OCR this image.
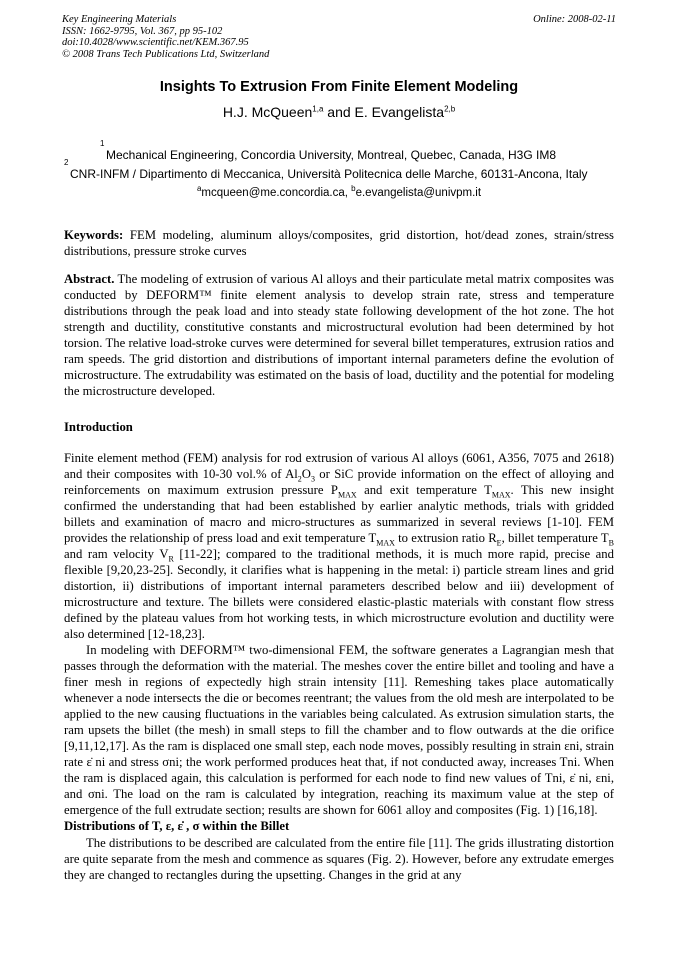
Key Engineering Materials
ISSN: 1662-9795, Vol. 367, pp 95-102
doi:10.4028/www.scientific.net/KEM.367.95
© 2008 Trans Tech Publications Ltd, Switzerland
Online: 2008-02-11
Insights To Extrusion From Finite Element Modeling
H.J. McQueen$^{1,a}$ and E. Evangelista$^{2,b}$
1
Mechanical Engineering, Concordia University, Montreal, Quebec, Canada, H3G IM8
2
CNR-INFM / Dipartimento di Meccanica, Università Politecnica delle Marche, 60131-Ancona, Italy
$^a$mcqueen@me.concordia.ca, $^b$e.evangelista@univpm.it

Keywords: FEM modeling, aluminum alloys/composites, grid distortion, hot/dead zones, strain/stress distributions, pressure stroke curves

Abstract. The modeling of extrusion of various Al alloys and their particulate metal matrix composites was conducted by DEFORM™ finite element analysis to develop strain rate, stress and temperature distributions through the peak load and into steady state following development of the hot zone. The hot strength and ductility, constitutive constants and microstructural evolution had been determined by hot torsion. The relative load-stroke curves were determined for several billet temperatures, extrusion ratios and ram speeds. The grid distortion and distributions of important internal parameters define the evolution of microstructure. The extrudability was estimated on the basis of load, ductility and the potential for modeling the microstructure developed.

Introduction

Finite element method (FEM) analysis for rod extrusion of various Al alloys (6061, A356, 7075 and 2618) and their composites with 10-30 vol.% of $Al_2O_3$ or SiC provide information on the effect of alloying and reinforcements on maximum extrusion pressure $P_{MAX}$ and exit temperature $T_{MAX}$. This new insight confirmed the understanding that had been established by earlier analytic methods, trials with gridded billets and examination of macro and micro-structures as summarized in several reviews [1-10]. FEM provides the relationship of press load and exit temperature $T_{MAX}$ to extrusion ratio $R_E$, billet temperature $T_B$ and ram velocity $V_R$ [11-22]; compared to the traditional methods, it is much more rapid, precise and flexible [9,20,23-25]. Secondly, it clarifies what is happening in the metal: i) particle stream lines and grid distortion, ii) distributions of important internal parameters described below and iii) development of microstructure and texture. The billets were considered elastic-plastic materials with constant flow stress defined by the plateau values from hot working tests, in which microstructure evolution and ductility were also determined [12-18,23].

In modeling with DEFORM™ two-dimensional FEM, the software generates a Lagrangian mesh that passes through the deformation with the material. The meshes cover the entire billet and tooling and have a finer mesh in regions of expectedly high strain intensity [11]. Remeshing takes place automatically whenever a node intersects the die or becomes reentrant; the values from the old mesh are interpolated to be applied to the new causing fluctuations in the variables being calculated. As extrusion simulation starts, the ram upsets the billet (the mesh) in small steps to fill the chamber and to flow outwards at the die orifice [9,11,12,17]. As the ram is displaced one small step, each node moves, possibly resulting in strain εni, strain rate ε̇ ni and stress σni; the work performed produces heat that, if not conducted away, increases Tni. When the ram is displaced again, this calculation is performed for each node to find new values of Tni, ε̇ ni, εni, and σni. The load on the ram is calculated by integration, reaching its maximum value at the step of emergence of the full extrudate section; results are shown for 6061 alloy and composites (Fig. 1) [16,18].

Distributions of T, ε, ε̇ , σ within the Billet

The distributions to be described are calculated from the entire file [11]. The grids illustrating distortion are quite separate from the mesh and commence as squares (Fig. 2). However, before any extrudate emerges they are changed to rectangles during the upsetting. Changes in the grid at any
